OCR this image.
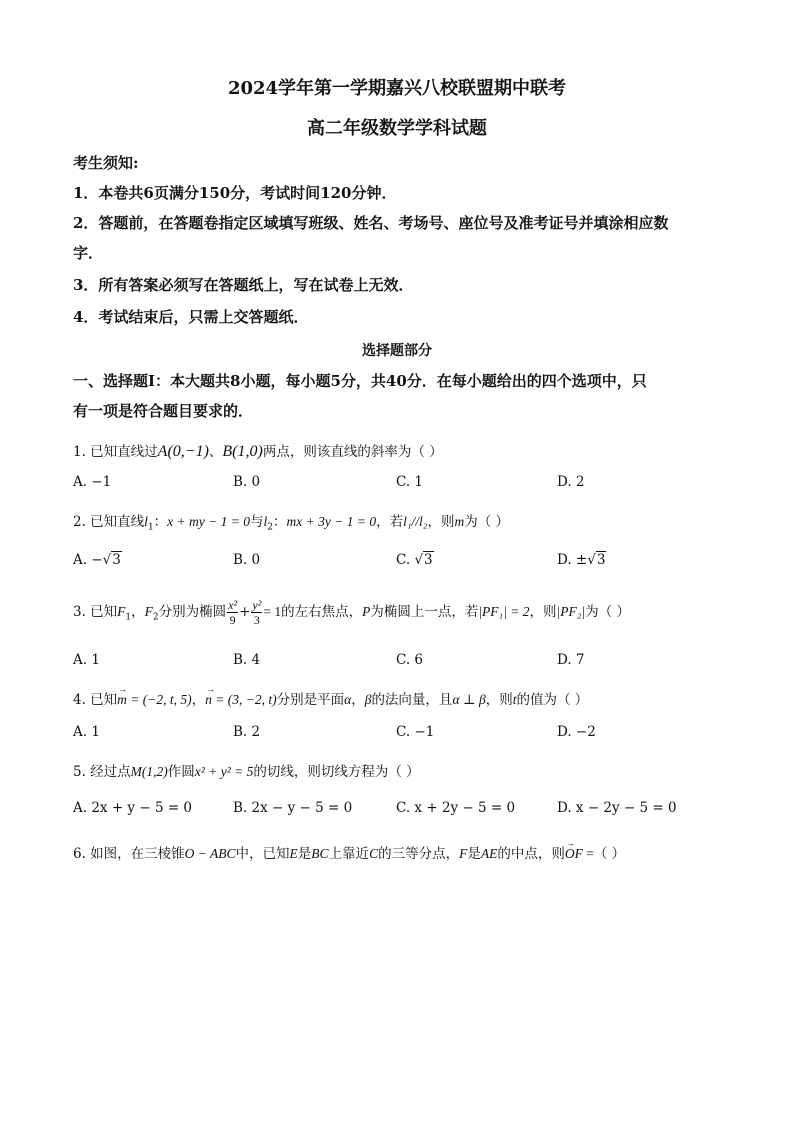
2024学年第一学期嘉兴八校联盟期中联考
高二年级数学学科试题
考生须知:
1．本卷共6页满分150分，考试时间120分钟．
2．答题前，在答题卷指定区域填写班级、姓名、考场号、座位号及准考证号并填涂相应数
字．
3．所有答案必须写在答题纸上，写在试卷上无效．
4．考试结束后，只需上交答题纸．
选择题部分
一、选择题Ⅰ：本大题共8小题，每小题5分，共40分．在每小题给出的四个选项中，只
有一项是符合题目要求的．
1. 已知直线过A(0,−1)、B(1,0)两点，则该直线的斜率为（ ）
A. −1	B. 0	C. 1	D. 2
2. 已知直线$l_1$：x + my − 1 = 0与$l_2$：mx + 3y − 1 = 0，若l₁//l₂，则m为（ ）
A. −√3	B. 0	C. √3	D. ±√3
3. 已知$F_1$，$F_2$分别为椭圆 $\frac{\text{x²}}{9} + \frac{\text{y²}}{3} = 1$的左右焦点，P为椭圆上一点，若|PF₁| = 2，则|PF₂|为（ ）
A. 1	B. 4	C. 6	D. 7
4. 已知
→
m = (−2, t, 5)，
→
n = (3, −2, t)分别是平面α，β的法向量，且α ⊥ β，则t的值为（ ）
A. 1	B. 2	C. −1	D. −2
5. 经过点M(1,2)作圆x² + y² = 5的切线，则切线方程为（ ）
A. 2x + y − 5 = 0	B. 2x − y − 5 = 0	C. x + 2y − 5 = 0	D. x − 2y − 5 = 0
6. 如图，在三棱锥O − ABC中，已知E是BC上靠近C的三等分点，F是AE的中点，则
→
OF =（ ）
